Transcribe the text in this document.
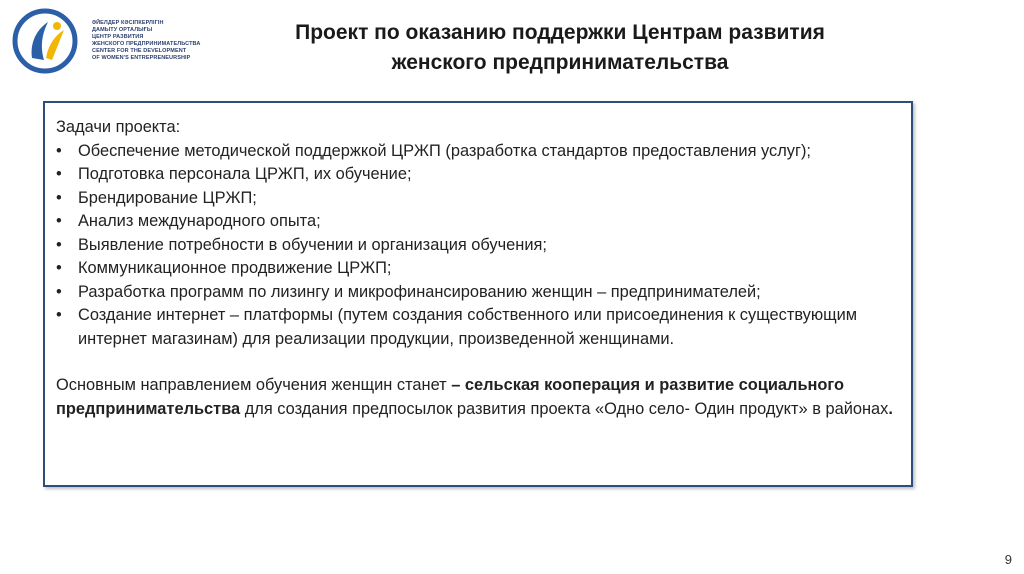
ӘЙЕЛДЕР КӘСІПКЕРЛІГІН
ДАМЫТУ ОРТАЛЫҒЫ
ЦЕНТР РАЗВИТИЯ
ЖЕНСКОГО ПРЕДПРИНИМАТЕЛЬСТВА
CENTER FOR THE DEVELOPMENT
OF WOMEN'S ENTREPRENEURSHIP
Проект по оказанию поддержки Центрам развития
женского предпринимательства
Задачи проекта:
• Обеспечение методической поддержкой ЦРЖП (разработка стандартов предоставления услуг);
• Подготовка персонала ЦРЖП, их обучение;
• Брендирование ЦРЖП;
• Анализ международного опыта;
• Выявление потребности в обучении и организация обучения;
• Коммуникационное продвижение ЦРЖП;
• Разработка программ по лизингу и микрофинансированию женщин – предпринимателей;
• Создание интернет – платформы (путем создания собственного или присоединения к существующим интернет магазинам) для реализации продукции, произведенной женщинами.
Основным направлением обучения женщин станет – сельская кооперация и развитие социального предпринимательства для создания предпосылок развития проекта «Одно село- Один продукт» в районах.
9
